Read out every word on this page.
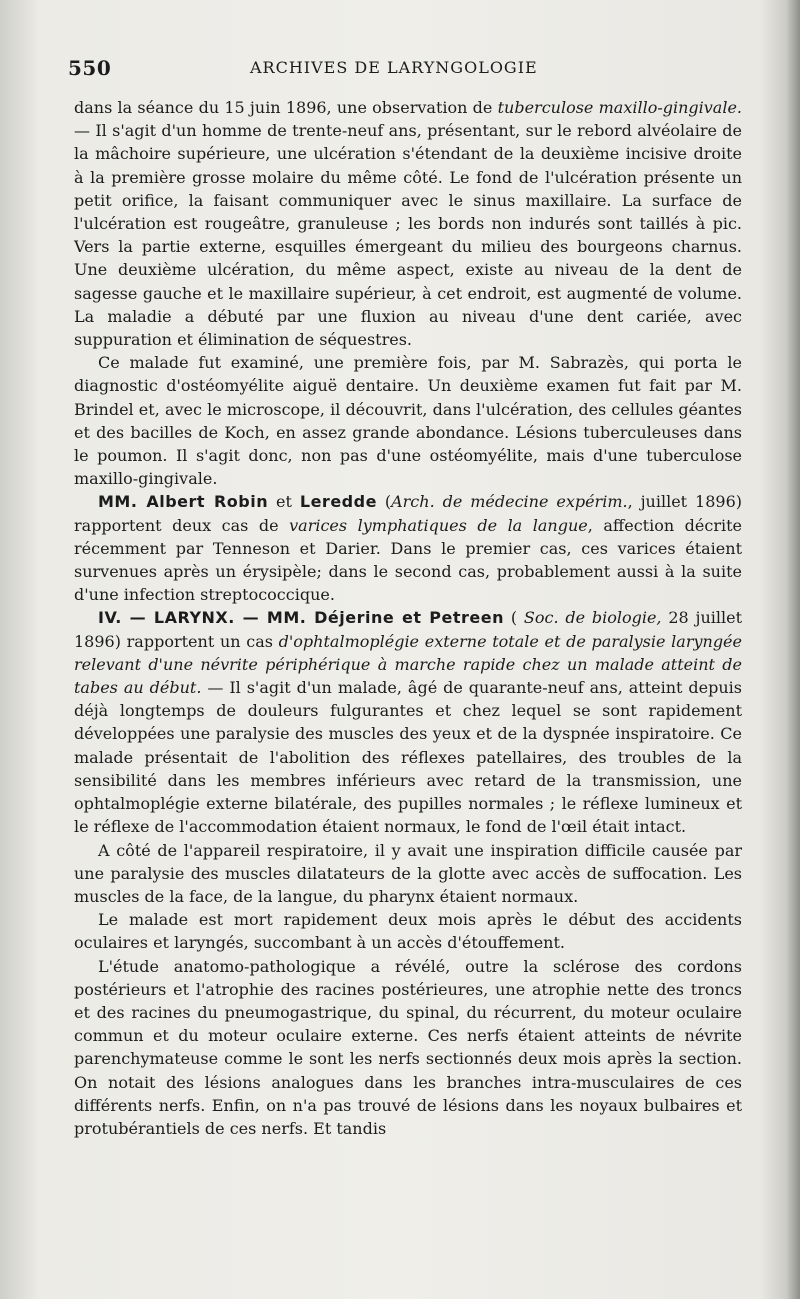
550	ARCHIVES DE LARYNGOLOGIE

dans la séance du 15 juin 1896, une observation de tuberculose maxillo-gingivale. — Il s'agit d'un homme de trente-neuf ans, présentant, sur le rebord alvéolaire de la mâchoire supérieure, une ulcération s'étendant de la deuxième incisive droite à la première grosse molaire du même côté. Le fond de l'ulcération présente un petit orifice, la faisant communiquer avec le sinus maxillaire. La surface de l'ulcération est rougeâtre, granuleuse ; les bords non indurés sont taillés à pic. Vers la partie externe, esquilles émergeant du milieu des bourgeons charnus. Une deuxième ulcération, du même aspect, existe au niveau de la dent de sagesse gauche et le maxillaire supérieur, à cet endroit, est augmenté de volume. La maladie a débuté par une fluxion au niveau d'une dent cariée, avec suppuration et élimination de séquestres.

Ce malade fut examiné, une première fois, par M. Sabrazès, qui porta le diagnostic d'ostéomyélite aiguë dentaire. Un deuxième examen fut fait par M. Brindel et, avec le microscope, il découvrit, dans l'ulcération, des cellules géantes et des bacilles de Koch, en assez grande abondance. Lésions tuberculeuses dans le poumon. Il s'agit donc, non pas d'une ostéomyélite, mais d'une tuberculose maxillo-gingivale.

MM. Albert Robin et Leredde (Arch. de médecine expérim., juillet 1896) rapportent deux cas de varices lymphatiques de la langue, affection décrite récemment par Tenneson et Darier. Dans le premier cas, ces varices étaient survenues après un érysipèle; dans le second cas, probablement aussi à la suite d'une infection streptococcique.

IV. — LARYNX. — MM. Déjerine et Petreen ( Soc. de biologie, 28 juillet 1896) rapportent un cas d'ophtalmoplégie externe totale et de paralysie laryngée relevant d'une névrite périphérique à marche rapide chez un malade atteint de tabes au début. — Il s'agit d'un malade, âgé de quarante-neuf ans, atteint depuis déjà longtemps de douleurs fulgurantes et chez lequel se sont rapidement développées une paralysie des muscles des yeux et de la dyspnée inspiratoire. Ce malade présentait de l'abolition des réflexes patellaires, des troubles de la sensibilité dans les membres inférieurs avec retard de la transmission, une ophtalmoplégie externe bilatérale, des pupilles normales ; le réflexe lumineux et le réflexe de l'accommodation étaient normaux, le fond de l'œil était intact.

A côté de l'appareil respiratoire, il y avait une inspiration difficile causée par une paralysie des muscles dilatateurs de la glotte avec accès de suffocation. Les muscles de la face, de la langue, du pharynx étaient normaux.

Le malade est mort rapidement deux mois après le début des accidents oculaires et laryngés, succombant à un accès d'étouffement.

L'étude anatomo-pathologique a révélé, outre la sclérose des cordons postérieurs et l'atrophie des racines postérieures, une atrophie nette des troncs et des racines du pneumogastrique, du spinal, du récurrent, du moteur oculaire commun et du moteur oculaire externe. Ces nerfs étaient atteints de névrite parenchymateuse comme le sont les nerfs sectionnés deux mois après la section. On notait des lésions analogues dans les branches intra-musculaires de ces différents nerfs. Enfin, on n'a pas trouvé de lésions dans les noyaux bulbaires et protubérantiels de ces nerfs. Et tandis
